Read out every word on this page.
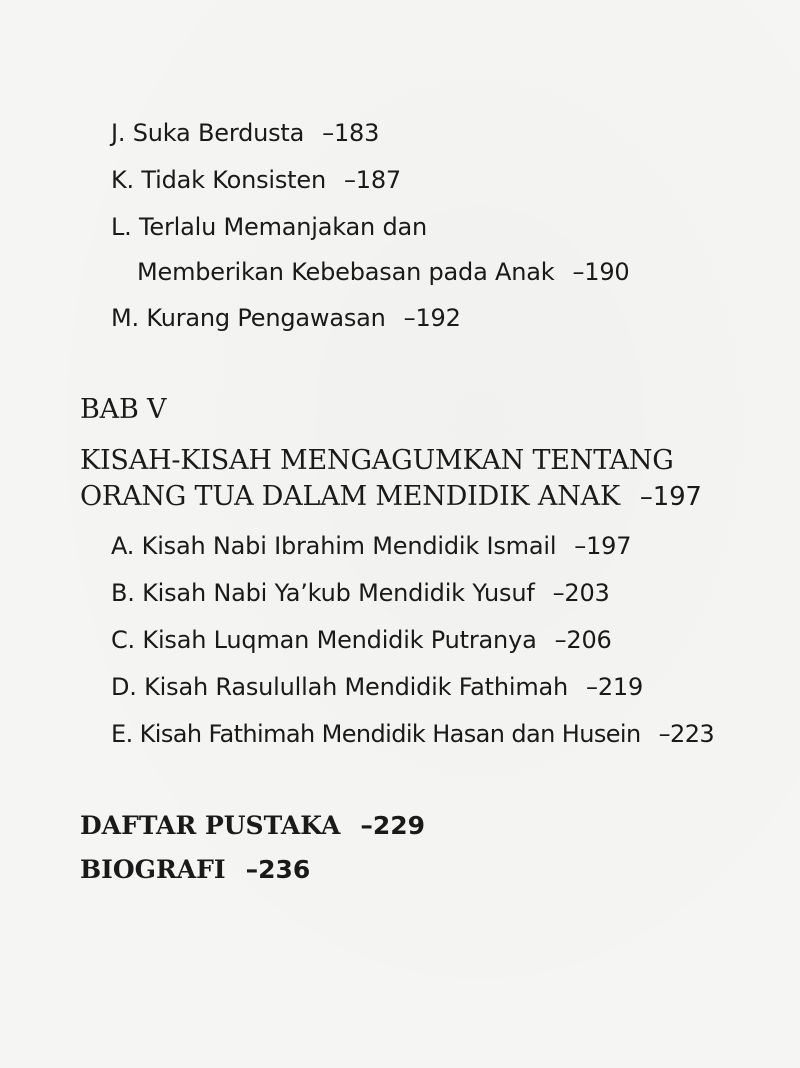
J. Suka Berdusta –183
K. Tidak Konsisten –187
L. Terlalu Memanjakan dan
Memberikan Kebebasan pada Anak –190
M. Kurang Pengawasan –192
BAB V
KISAH-KISAH MENGAGUMKAN TENTANG
ORANG TUA DALAM MENDIDIK ANAK –197
A. Kisah Nabi Ibrahim Mendidik Ismail –197
B. Kisah Nabi Ya’kub Mendidik Yusuf –203
C. Kisah Luqman Mendidik Putranya –206
D. Kisah Rasulullah Mendidik Fathimah –219
E. Kisah Fathimah Mendidik Hasan dan Husein –223
DAFTAR PUSTAKA –229
BIOGRAFI –236
